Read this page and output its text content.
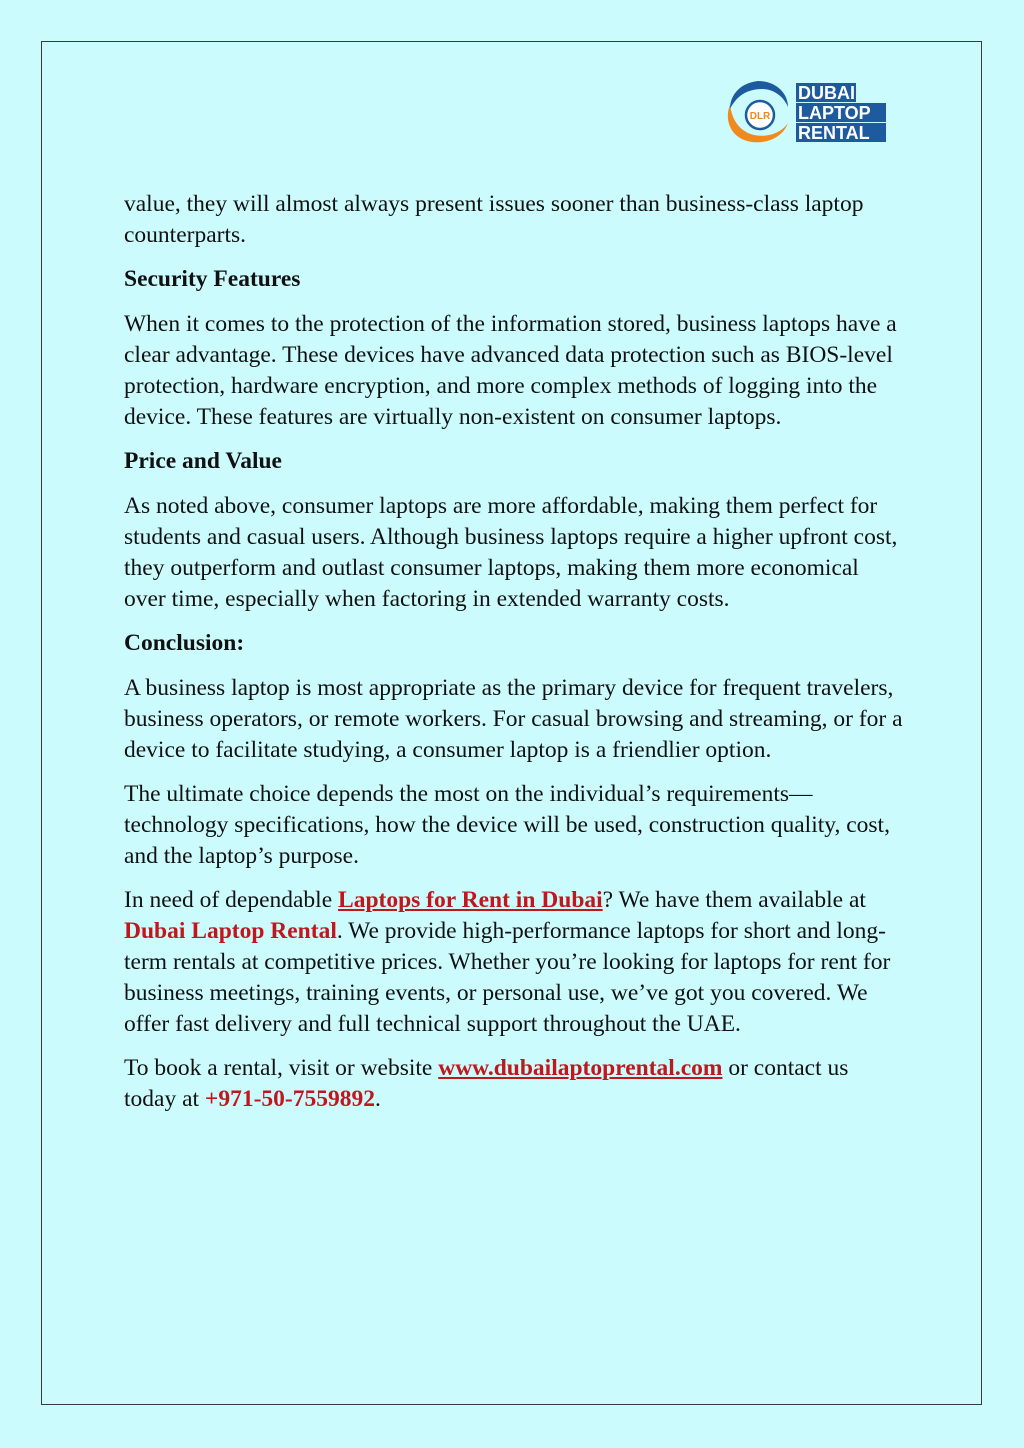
DLR
DUBAI
LAPTOP
RENTAL

value, they will almost always present issues sooner than business-class laptop counterparts.

Security Features

When it comes to the protection of the information stored, business laptops have a clear advantage. These devices have advanced data protection such as BIOS-level protection, hardware encryption, and more complex methods of logging into the device. These features are virtually non-existent on consumer laptops.

Price and Value

As noted above, consumer laptops are more affordable, making them perfect for students and casual users. Although business laptops require a higher upfront cost, they outperform and outlast consumer laptops, making them more economical over time, especially when factoring in extended warranty costs.

Conclusion:

A business laptop is most appropriate as the primary device for frequent travelers, business operators, or remote workers. For casual browsing and streaming, or for a device to facilitate studying, a consumer laptop is a friendlier option.

The ultimate choice depends the most on the individual’s requirements—technology specifications, how the device will be used, construction quality, cost, and the laptop’s purpose.

In need of dependable Laptops for Rent in Dubai? We have them available at Dubai Laptop Rental. We provide high-performance laptops for short and long-term rentals at competitive prices. Whether you’re looking for laptops for rent for business meetings, training events, or personal use, we’ve got you covered. We offer fast delivery and full technical support throughout the UAE.

To book a rental, visit or website www.dubailaptoprental.com or contact us today at +971-50-7559892.
